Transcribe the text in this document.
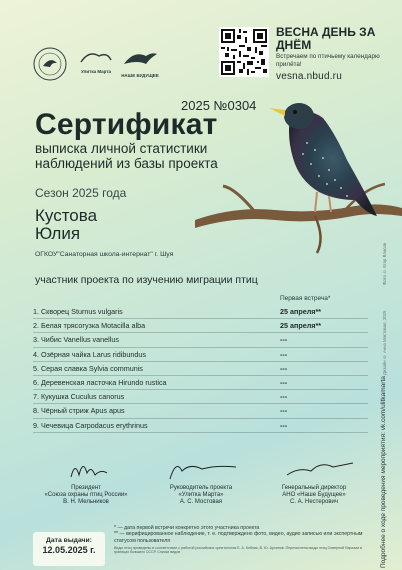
Улитка Марта
НАШЕ БУДУЩЕЕ
ВЕСНА ДЕНЬ ЗА ДНЁМ
Встречаем по птичьему календарю прилёта!
vesna.nbud.ru
Фото © Егор Власов
Дизайн © Анна Мостовая, 2025
Подробнее о ходе проведения мероприятия: vk.com/ulitkamarta
2025 №0304
Сертификат
выписка личной статистики наблюдений из базы проекта
Сезон 2025 года
Кустова
Юлия
ОГКОУ"Санаторная школа-интернат" г. Шуя
участник проекта по изучению миграции птиц
Первая встреча*
1. Скворец Sturnus vulgaris	25 апреля**
2. Белая трясогузка Motacilla alba	25 апреля**
3. Чибис Vanellus vanellus	---
4. Озёрная чайка Larus ridibundus	---
5. Серая славка Sylvia communis	---
6. Деревенская ласточка Hirundo rustica	---
7. Кукушка Cuculus canorus	---
8. Чёрный стриж Apus apus	---
9. Чечевица Carpodacus erythrinus	---
Президент
«Союза охраны птиц России»
В. Н. Мельников
Руководитель проекта
«Улитка Марта»
А. С. Мостовая
Генеральный директор
АНО «Наше Будущее»
С. А. Нестерович
Дата выдачи:
12.05.2025 г.
* — дата первой встречи конкретно этого участника проекта
** — верифицированное наблюдение, т. е. подтверждено фото, видео, аудио записью или экспертным статусом пользователя
Виды птиц приведены в соответствии с работой российских орнитологов Е. А. Коблик, В. Ю. Архипов. Перечислены виды птиц Северной Евразии в границах бывшего СССР. Списки видов
